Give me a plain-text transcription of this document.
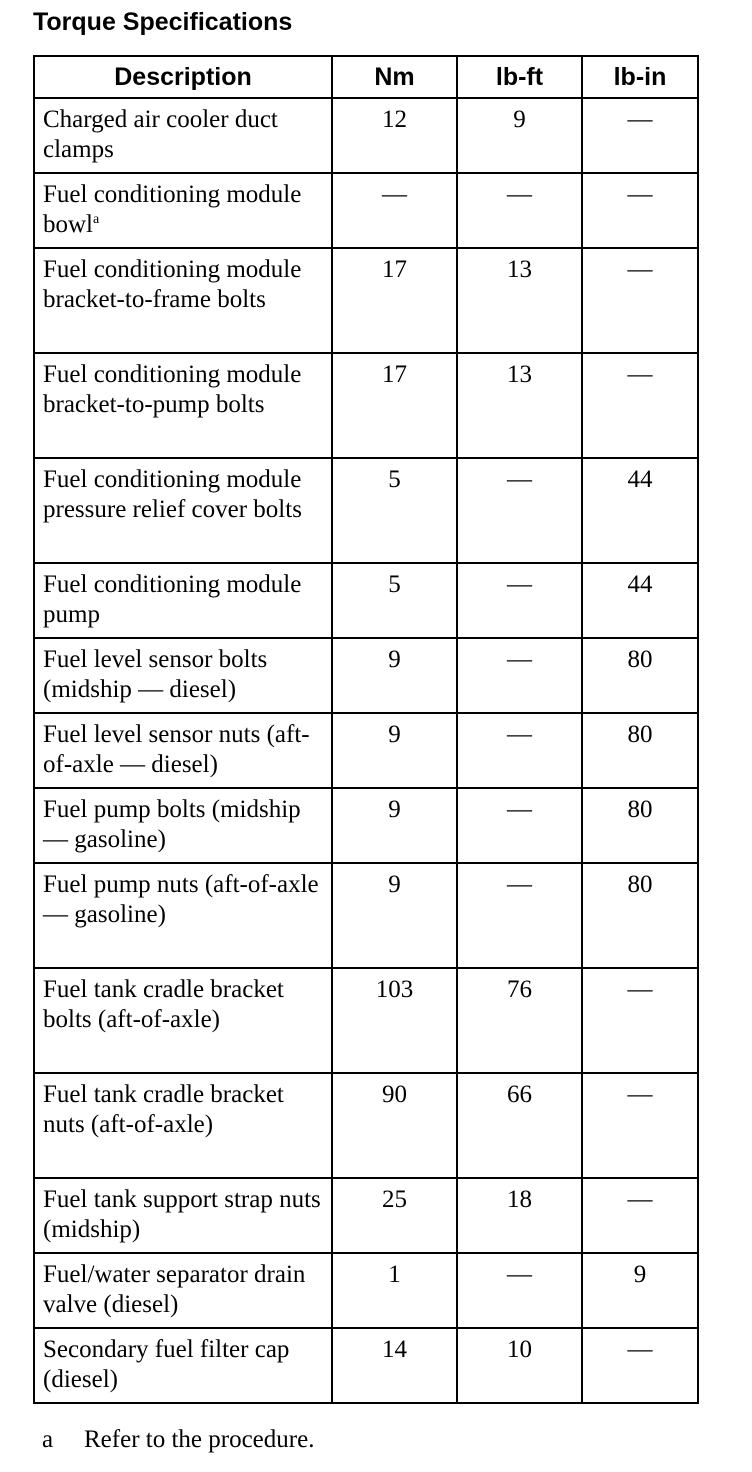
Torque Specifications
Description	Nm	lb-ft	lb-in
Charged air cooler duct clamps	12	9	—
Fuel conditioning module bowl$^a$	—	—	—
Fuel conditioning module bracket-to-frame bolts	17	13	—
Fuel conditioning module bracket-to-pump bolts	17	13	—
Fuel conditioning module pressure relief cover bolts	5	—	44
Fuel conditioning module pump	5	—	44
Fuel level sensor bolts (midship — diesel)	9	—	80
Fuel level sensor nuts (aft-of-axle — diesel)	9	—	80
Fuel pump bolts (midship — gasoline)	9	—	80
Fuel pump nuts (aft-of-axle — gasoline)	9	—	80
Fuel tank cradle bracket bolts (aft-of-axle)	103	76	—
Fuel tank cradle bracket nuts (aft-of-axle)	90	66	—
Fuel tank support strap nuts (midship)	25	18	—
Fuel/water separator drain valve (diesel)	1	—	9
Secondary fuel filter cap (diesel)	14	10	—
a Refer to the procedure.
